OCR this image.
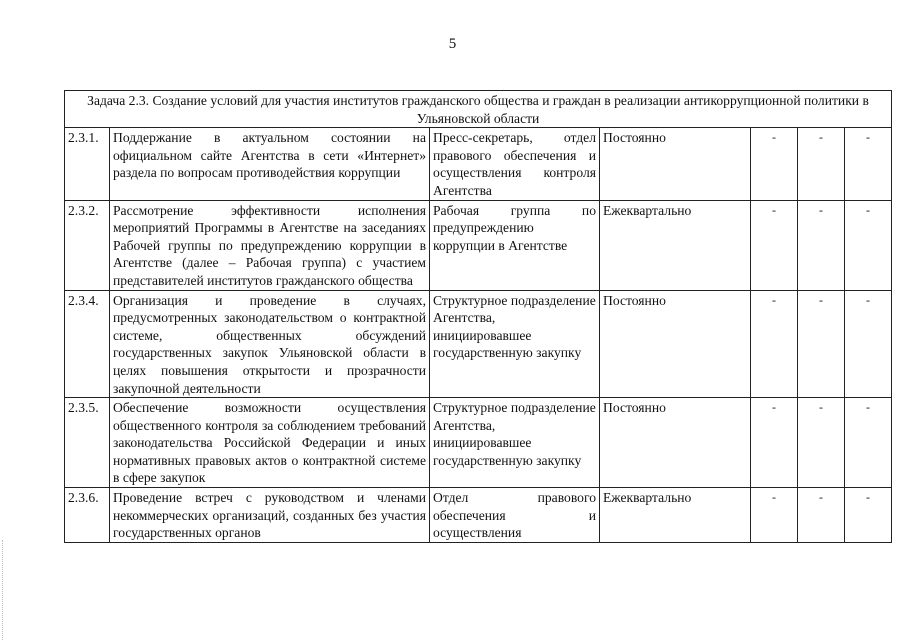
5
Задача 2.3. Создание условий для участия институтов гражданского общества и граждан в реализации антикоррупционной политики в Ульяновской области						
2.3.1.	Поддержание в актуальном состоянии на официальном сайте Агентства в сети «Интернет» раздела по вопросам противодействия коррупции	Пресс-секретарь, отдел правового обеспечения и осуществления контроля Агентства	Постоянно	-	-	-
2.3.2.	Рассмотрение эффективности исполнения мероприятий Программы в Агентстве на заседаниях Рабочей группы по предупреждению коррупции в Агентстве (далее – Рабочая группа) с участием представителей институтов гражданского общества	Рабочая группа по предупреждению коррупции в Агентстве	Ежеквартально	-	-	-
2.3.4.	Организация и проведение в случаях, предусмотренных законодательством о контрактной системе, общественных обсуждений государственных закупок Ульяновской области в целях повышения открытости и прозрачности закупочной деятельности	Структурное подразделение Агентства, инициировавшее государственную закупку	Постоянно	-	-	-
2.3.5.	Обеспечение возможности осуществления общественного контроля за соблюдением требований законодательства Российской Федерации и иных нормативных правовых актов о контрактной системе в сфере закупок	Структурное подразделение Агентства, инициировавшее государственную закупку	Постоянно	-	-	-
2.3.6.	Проведение встреч с руководством и членами некоммерческих организаций, созданных без участия государственных органов	Отдел правового обеспечения и осуществления	Ежеквартально	-	-	-
